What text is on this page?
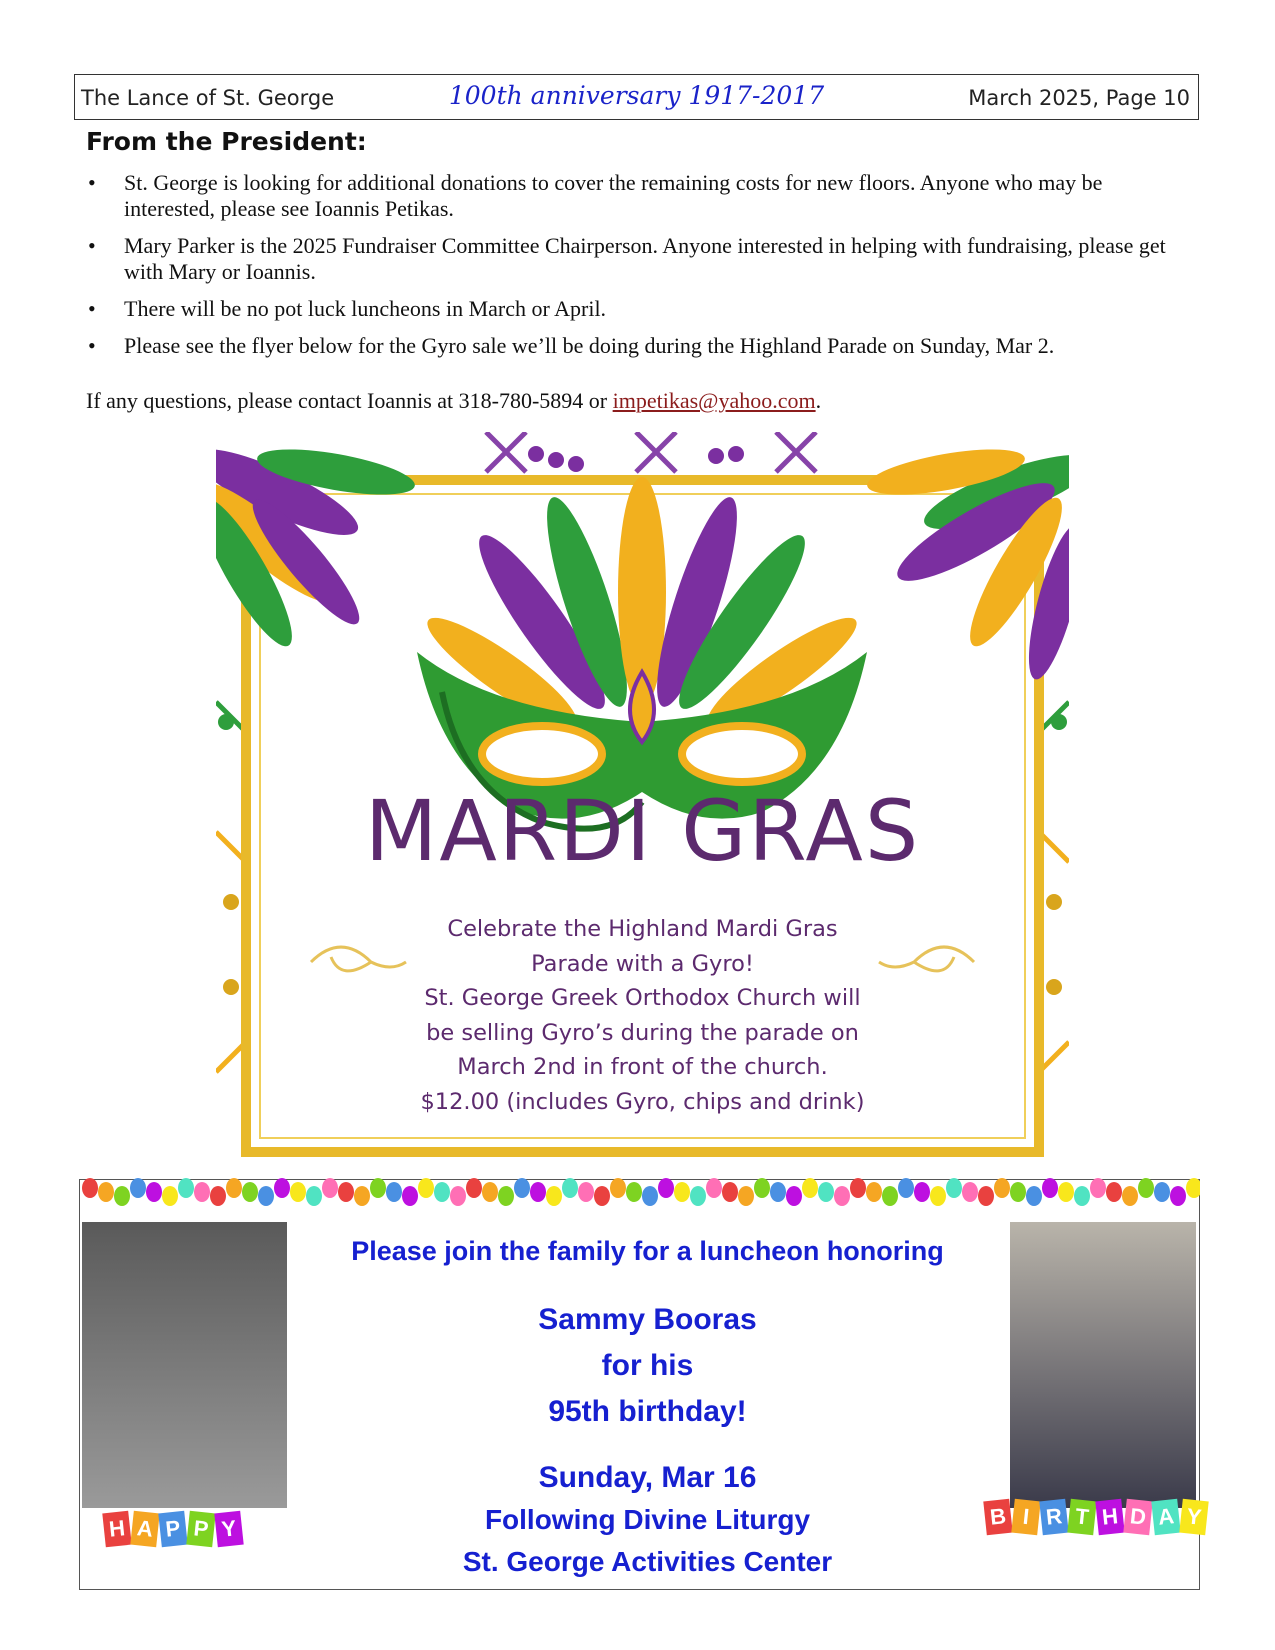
The Lance of St. George	100th anniversary 1917-2017	March 2025, Page 10
From the President:
• St. George is looking for additional donations to cover the remaining costs for new floors. Anyone who may be interested, please see Ioannis Petikas.
• Mary Parker is the 2025 Fundraiser Committee Chairperson. Anyone interested in helping with fundraising, please get with Mary or Ioannis.
• There will be no pot luck luncheons in March or April.
• Please see the flyer below for the Gyro sale we’ll be doing during the Highland Parade on Sunday, Mar 2.
If any questions, please contact Ioannis at 318-780-5894 or impetikas@yahoo.com.
MARDI GRAS
Celebrate the Highland Mardi Gras
Parade with a Gyro!
St. George Greek Orthodox Church will
be selling Gyro’s during the parade on
March 2nd in front of the church.
$12.00 (includes Gyro, chips and drink)
Please join the family for a luncheon honoring
Sammy Booras
for his
95th birthday!
Sunday, Mar 16
Following Divine Liturgy
St. George Activities Center
H A P P Y	B I R T H D A Y
